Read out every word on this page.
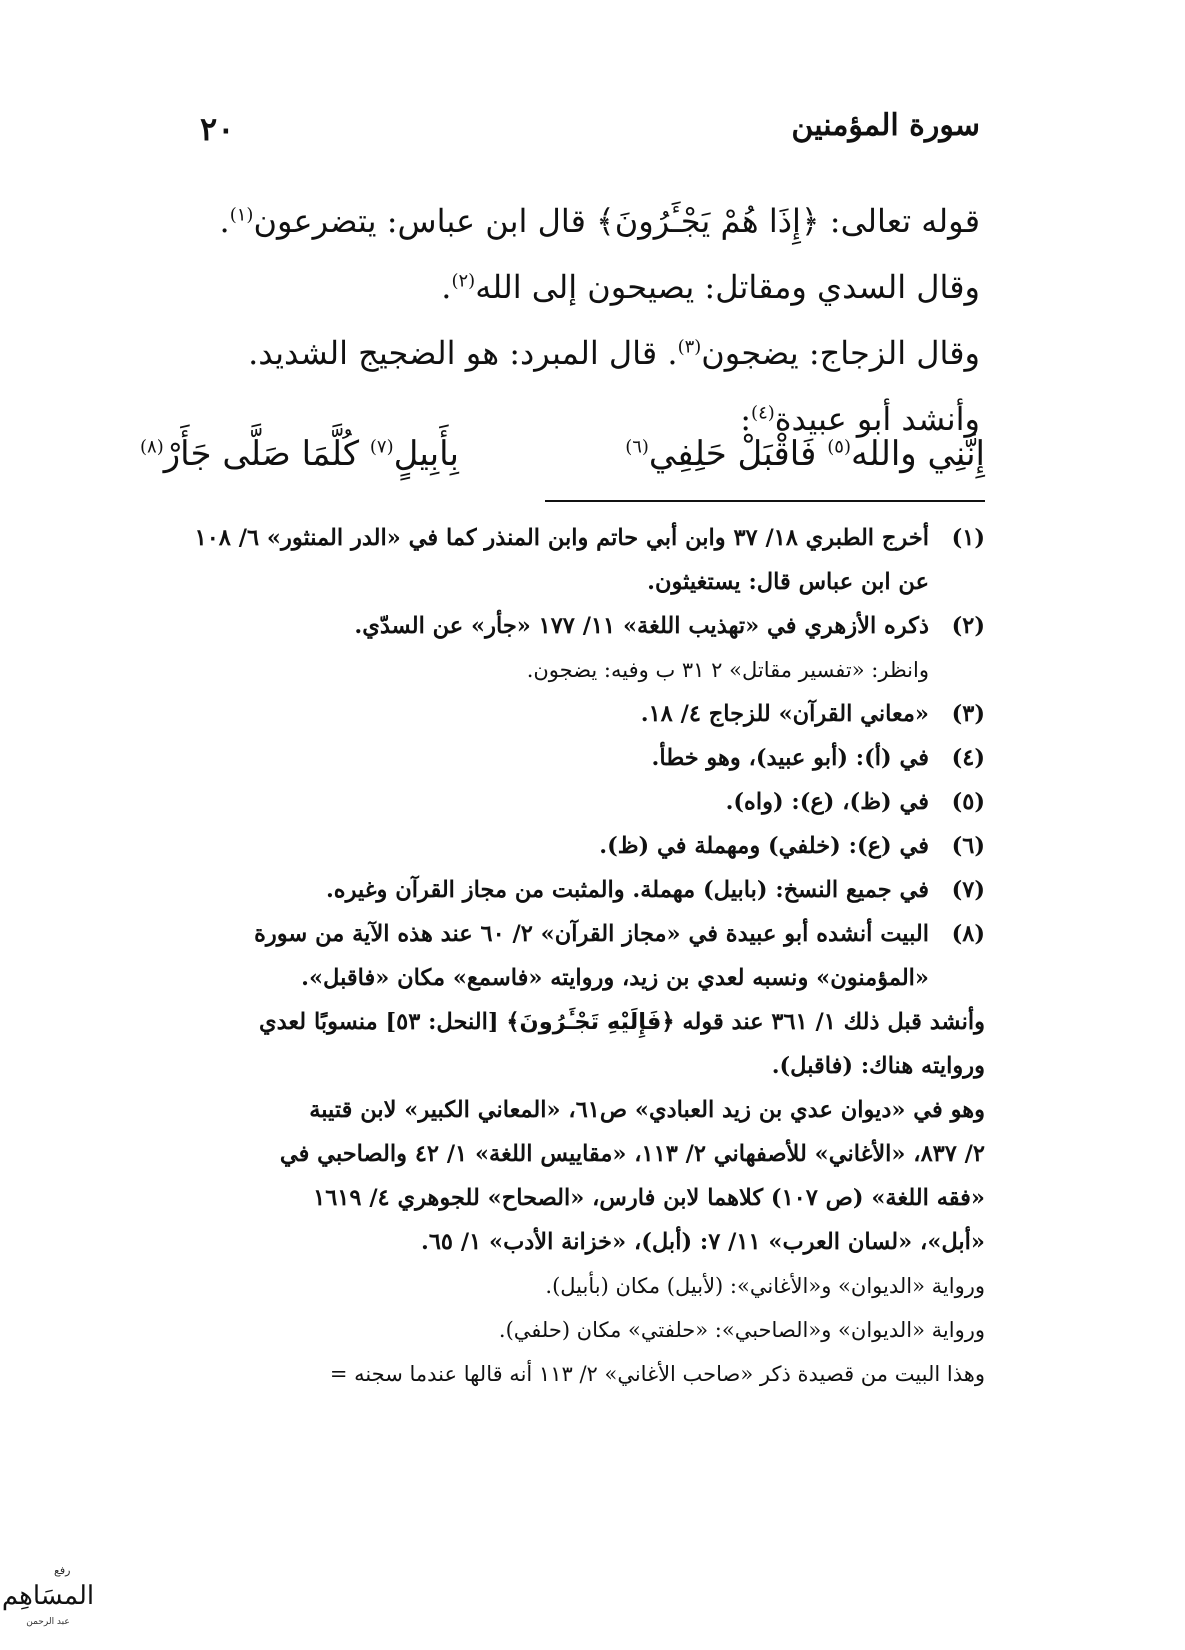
سورة المؤمنين
٢٠

قوله تعالى: ﴿إِذَا هُمْ يَجْـَٔرُونَ﴾ قال ابن عباس: يتضرعون$^{(١)}$.

وقال السدي ومقاتل: يصيحون إلى الله$^{(٢)}$.

وقال الزجاج: يضجون$^{(٣)}$. قال المبرد: هو الضجيج الشديد.

وأنشد أبو عبيدة$^{(٤)}$:

إِنَّنِي والله$^{(٥)}$ فَاقْبَلْ حَلِفِي$^{(٦)}$
بِأَبِيلٍ$^{(٧)}$ كُلَّمَا صَلَّى جَأَرْ$^{(٨)}$
(١)
أخرج الطبري ١٨/ ٣٧ وابن أبي حاتم وابن المنذر كما في «الدر المنثور» ٦/ ١٠٨
عن ابن عباس قال: يستغيثون.
(٢)
ذكره الأزهري في «تهذيب اللغة» ١١/ ١٧٧ «جأر» عن السدّي.
وانظر: «تفسير مقاتل» ٢ ٣١ ب وفيه: يضجون.
(٣)
«معاني القرآن» للزجاج ٤/ ١٨.
(٤)
في (أ): (أبو عبيد)، وهو خطأ.
(٥)
في (ظ)، (ع): (واه).
(٦)
في (ع): (خلفي) ومهملة في (ظ).
(٧)
في جميع النسخ: (بابيل) مهملة. والمثبت من مجاز القرآن وغيره.
(٨)
البيت أنشده أبو عبيدة في «مجاز القرآن» ٢/ ٦٠ عند هذه الآية من سورة
«المؤمنون» ونسبه لعدي بن زيد، وروايته «فاسمع» مكان «فاقبل».
وأنشد قبل ذلك ١/ ٣٦١ عند قوله ﴿فَإِلَيْهِ تَجْـَٔرُونَ﴾ [النحل: ٥٣] منسوبًا لعدي
وروايته هناك: (فاقبل).
وهو في «ديوان عدي بن زيد العبادي» ص٦١، «المعاني الكبير» لابن قتيبة
٢/ ٨٣٧، «الأغاني» للأصفهاني ٢/ ١١٣، «مقاييس اللغة» ١/ ٤٢ والصاحبي في
«فقه اللغة» (ص ١٠٧) كلاهما لابن فارس، «الصحاح» للجوهري ٤/ ١٦١٩
«أبل»، «لسان العرب» ١١/ ٧: (أبل)، «خزانة الأدب» ١/ ٦٥.
ورواية «الديوان» و«الأغاني»: (لأبيل) مكان (بأبيل).
ورواية «الديوان» و«الصاحبي»: «حلفتي» مكان (حلفي).
وهذا البيت من قصيدة ذكر «صاحب الأغاني» ٢/ ١١٣ أنه قالها عندما سجنه =
رفع
المسَاهِم
عبد الرحمن
